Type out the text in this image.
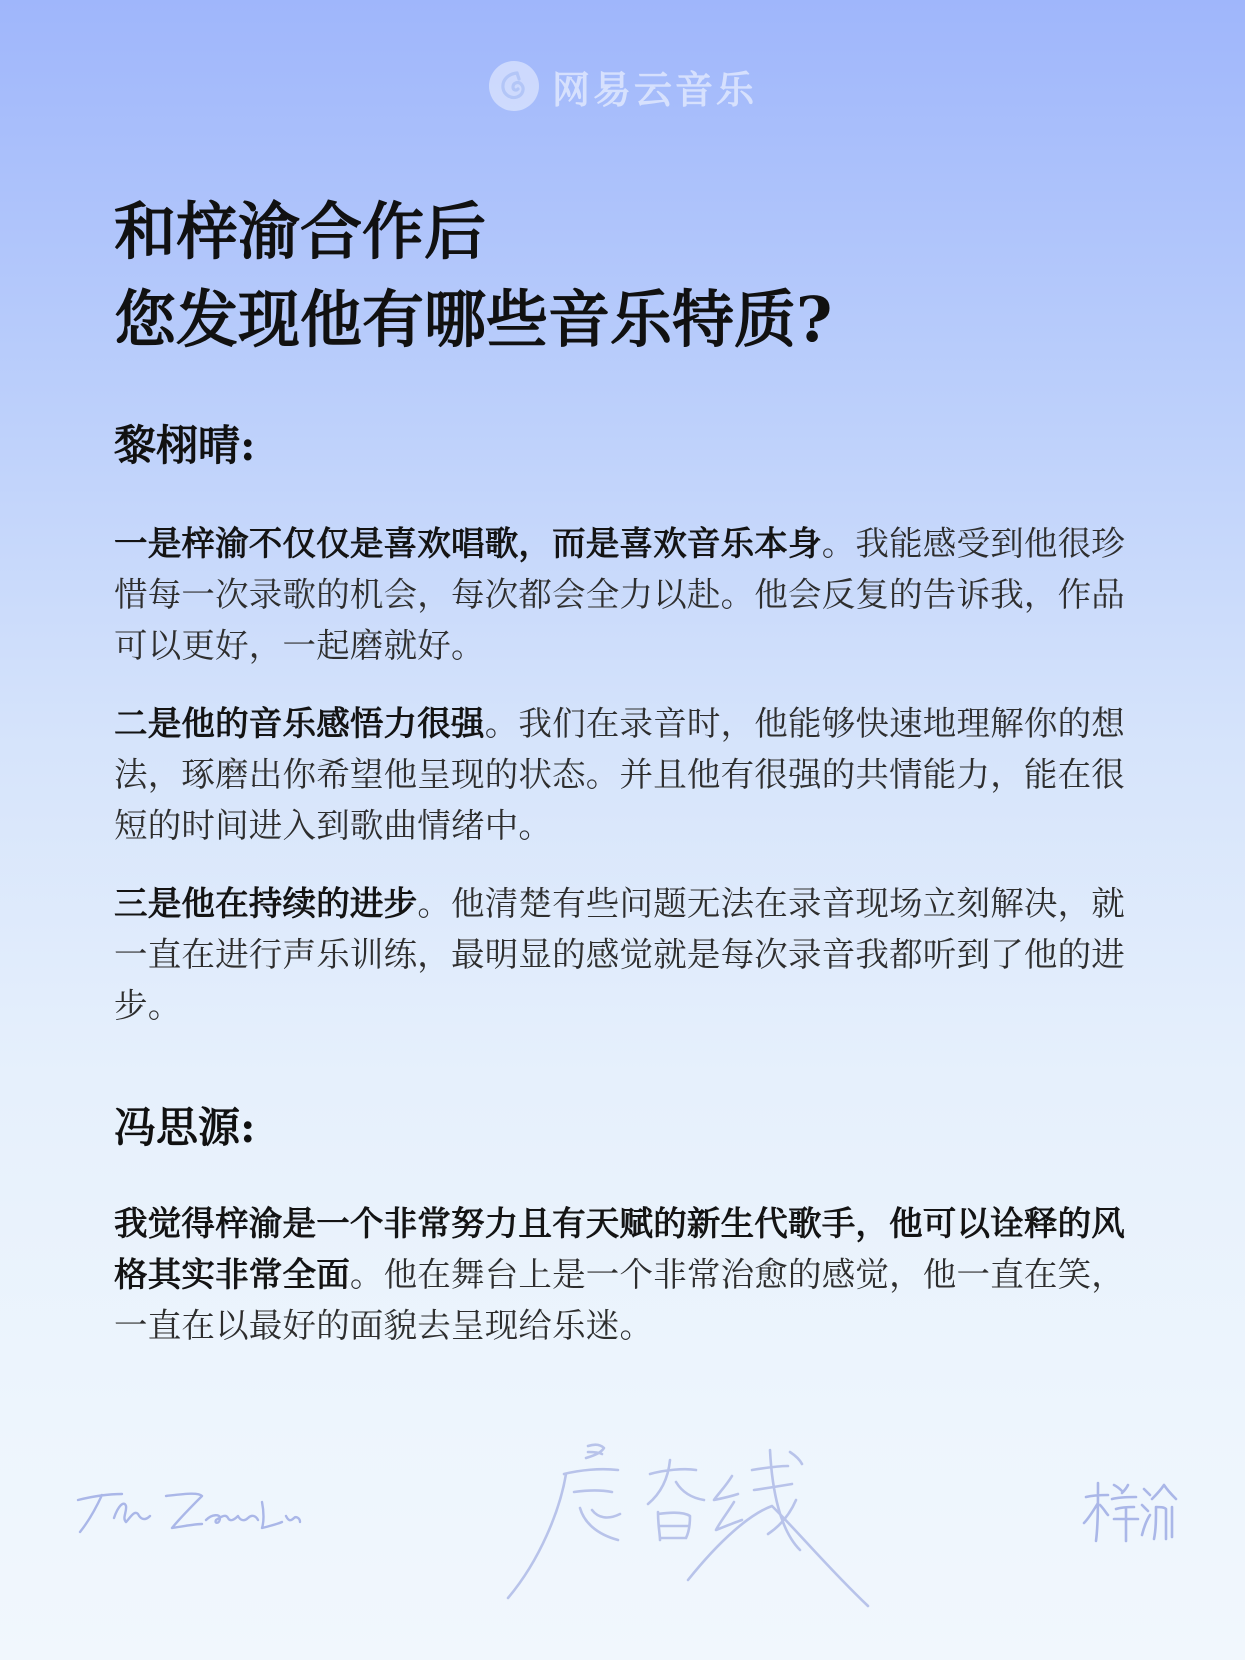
网易云音乐
和梓渝合作后
您发现他有哪些音乐特质?
黎栩晴:

一是梓渝不仅仅是喜欢唱歌，而是喜欢音乐本身。我能感受到他很珍惜每一次录歌的机会，每次都会全力以赴。他会反复的告诉我，作品可以更好，一起磨就好。

二是他的音乐感悟力很强。我们在录音时，他能够快速地理解你的想法，琢磨出你希望他呈现的状态。并且他有很强的共情能力，能在很短的时间进入到歌曲情绪中。

三是他在持续的进步。他清楚有些问题无法在录音现场立刻解决，就一直在进行声乐训练，最明显的感觉就是每次录音我都听到了他的进步。

冯思源:

我觉得梓渝是一个非常努力且有天赋的新生代歌手，他可以诠释的风格其实非常全面。他在舞台上是一个非常治愈的感觉，他一直在笑，一直在以最好的面貌去呈现给乐迷。
